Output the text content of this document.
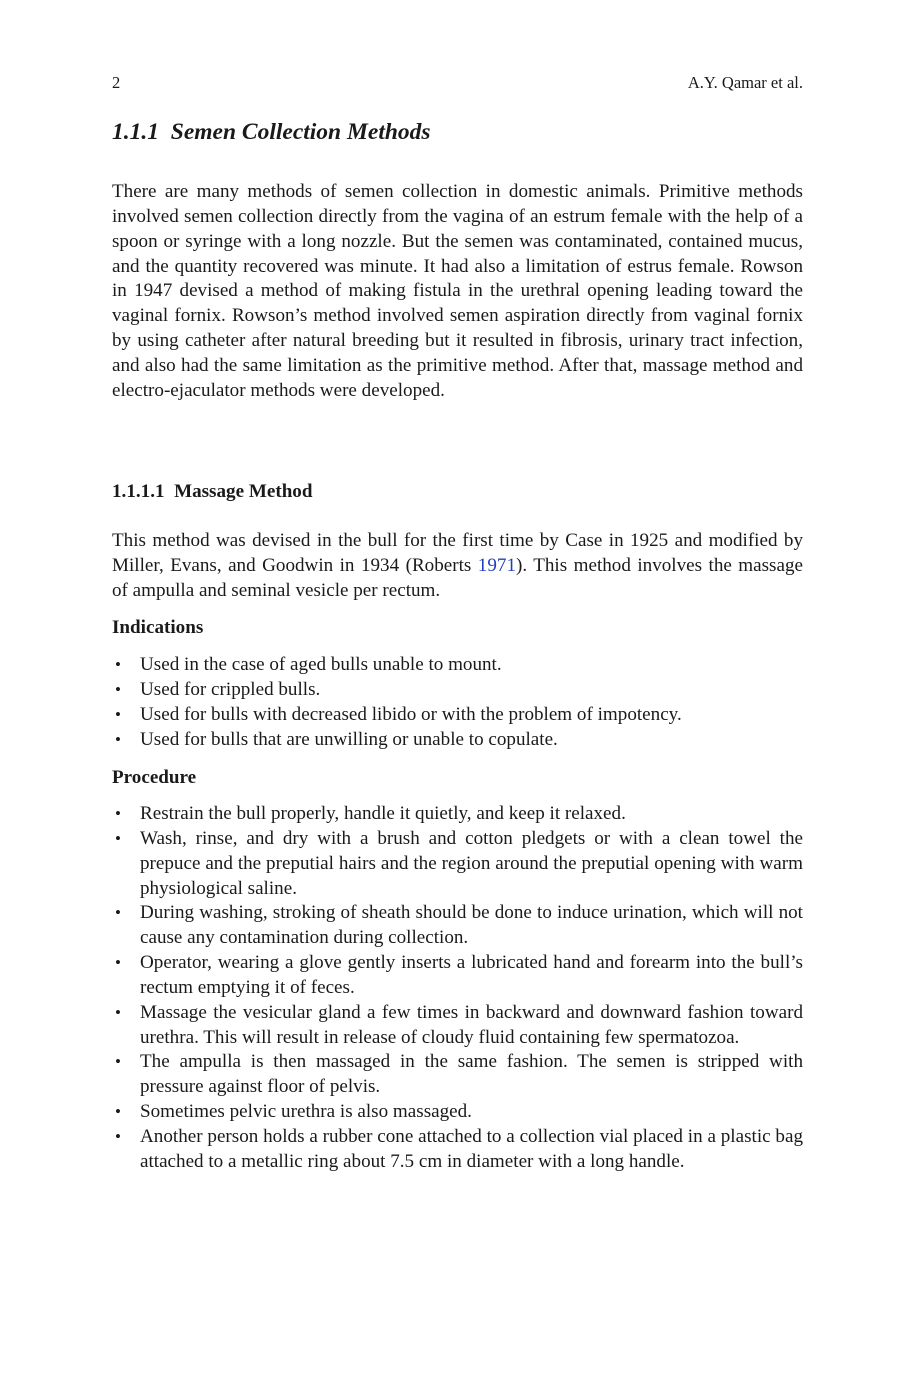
2	A.Y. Qamar et al.
1.1.1 Semen Collection Methods

There are many methods of semen collection in domestic animals. Primitive methods involved semen collection directly from the vagina of an estrum female with the help of a spoon or syringe with a long nozzle. But the semen was contaminated, contained mucus, and the quantity recovered was minute. It had also a limitation of estrus female. Rowson in 1947 devised a method of making fistula in the urethral opening leading toward the vaginal fornix. Rowson’s method involved semen aspiration directly from vaginal fornix by using catheter after natural breeding but it resulted in fibrosis, urinary tract infection, and also had the same limitation as the primitive method. After that, massage method and electro-ejaculator methods were developed.

1.1.1.1 Massage Method

This method was devised in the bull for the first time by Case in 1925 and modified by Miller, Evans, and Goodwin in 1934 (Roberts 1971). This method involves the massage of ampulla and seminal vesicle per rectum.

Indications
• Used in the case of aged bulls unable to mount.
• Used for crippled bulls.
• Used for bulls with decreased libido or with the problem of impotency.
• Used for bulls that are unwilling or unable to copulate.
Procedure
• Restrain the bull properly, handle it quietly, and keep it relaxed.
• Wash, rinse, and dry with a brush and cotton pledgets or with a clean towel the prepuce and the preputial hairs and the region around the preputial opening with warm physiological saline.
• During washing, stroking of sheath should be done to induce urination, which will not cause any contamination during collection.
• Operator, wearing a glove gently inserts a lubricated hand and forearm into the bull’s rectum emptying it of feces.
• Massage the vesicular gland a few times in backward and downward fashion toward urethra. This will result in release of cloudy fluid containing few spermatozoa.
• The ampulla is then massaged in the same fashion. The semen is stripped with pressure against floor of pelvis.
• Sometimes pelvic urethra is also massaged.
• Another person holds a rubber cone attached to a collection vial placed in a plastic bag attached to a metallic ring about 7.5 cm in diameter with a long handle.
